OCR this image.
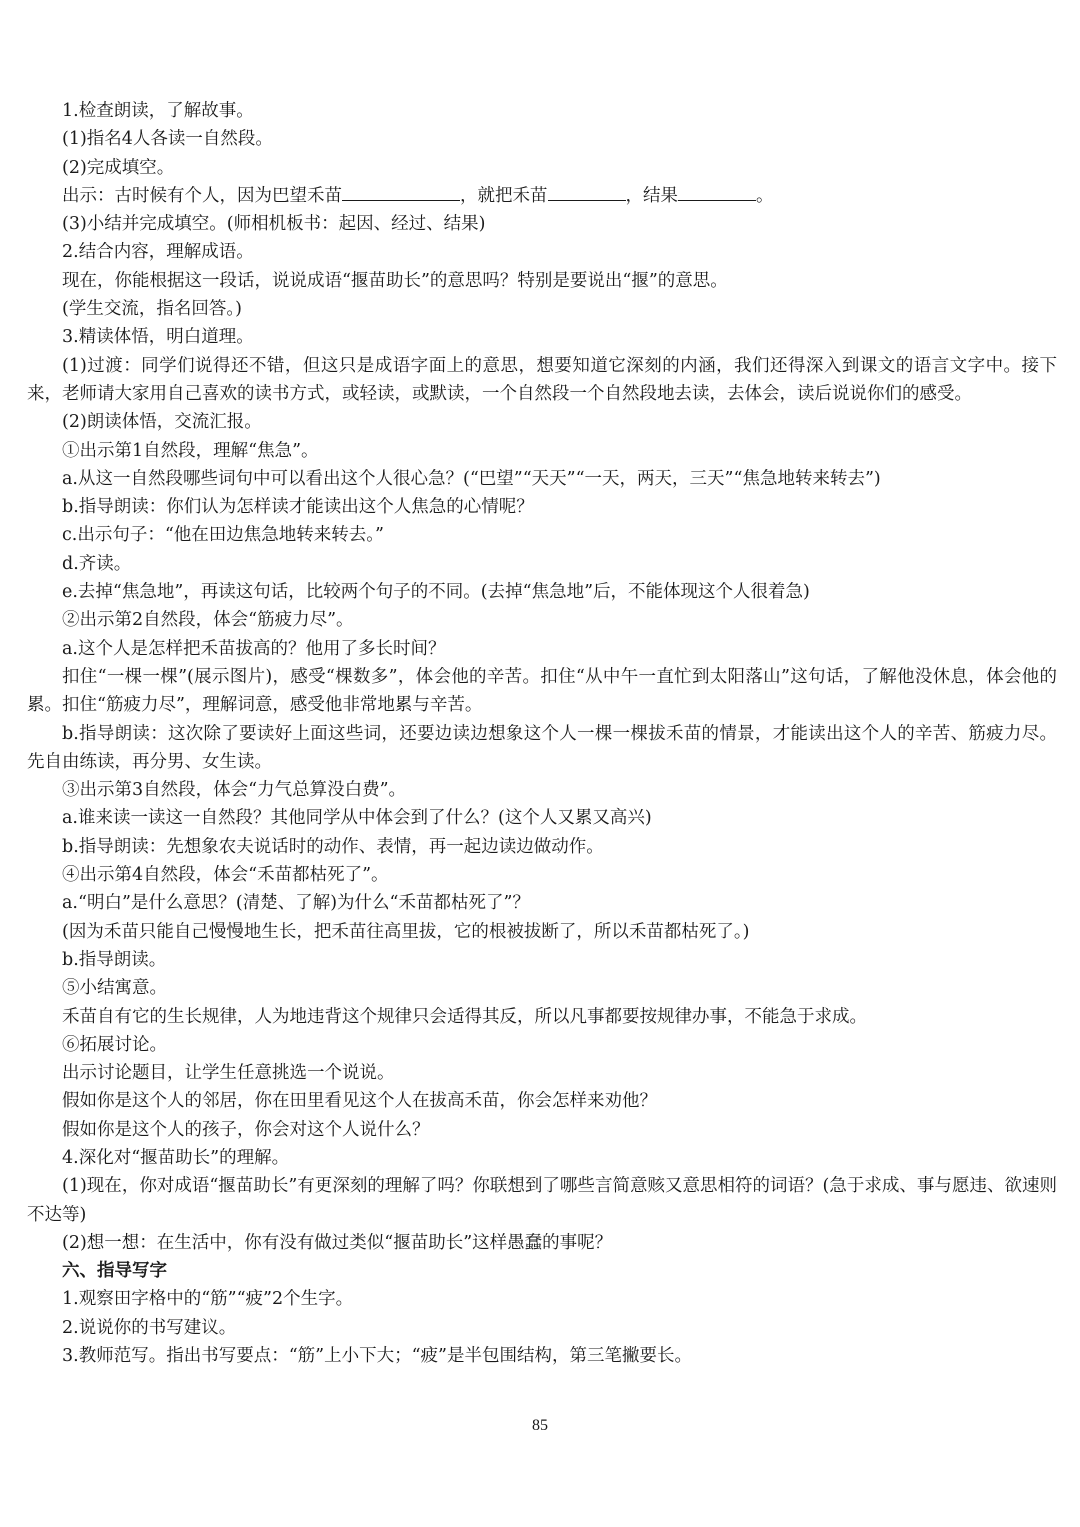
1.检查朗读，了解故事。

(1)指名4人各读一自然段。

(2)完成填空。

出示：古时候有个人，因为巴望禾苗	，就把禾苗	，结果	。

(3)小结并完成填空。(师相机板书：起因、经过、结果)

2.结合内容，理解成语。

现在，你能根据这一段话，说说成语“揠苗助长”的意思吗？特别是要说出“揠”的意思。

(学生交流，指名回答。)

3.精读体悟，明白道理。

(1)过渡：同学们说得还不错，但这只是成语字面上的意思，想要知道它深刻的内涵，我们还得深入到课文的语言文字中。接下来，老师请大家用自己喜欢的读书方式，或轻读，或默读，一个自然段一个自然段地去读，去体会，读后说说你们的感受。

(2)朗读体悟，交流汇报。

①出示第1自然段，理解“焦急”。

a.从这一自然段哪些词句中可以看出这个人很心急？(“巴望”“天天”“一天，两天，三天”“焦急地转来转去”)

b.指导朗读：你们认为怎样读才能读出这个人焦急的心情呢？

c.出示句子：“他在田边焦急地转来转去。”

d.齐读。

e.去掉“焦急地”，再读这句话，比较两个句子的不同。(去掉“焦急地”后，不能体现这个人很着急)

②出示第2自然段，体会“筋疲力尽”。

a.这个人是怎样把禾苗拔高的？他用了多长时间？

扣住“一棵一棵”(展示图片)，感受“棵数多”，体会他的辛苦。扣住“从中午一直忙到太阳落山”这句话，了解他没休息，体会他的累。扣住“筋疲力尽”，理解词意，感受他非常地累与辛苦。

b.指导朗读：这次除了要读好上面这些词，还要边读边想象这个人一棵一棵拔禾苗的情景，才能读出这个人的辛苦、筋疲力尽。先自由练读，再分男、女生读。

③出示第3自然段，体会“力气总算没白费”。

a.谁来读一读这一自然段？其他同学从中体会到了什么？(这个人又累又高兴)

b.指导朗读：先想象农夫说话时的动作、表情，再一起边读边做动作。

④出示第4自然段，体会“禾苗都枯死了”。

a.“明白”是什么意思？(清楚、了解)为什么“禾苗都枯死了”？

(因为禾苗只能自己慢慢地生长，把禾苗往高里拔，它的根被拔断了，所以禾苗都枯死了。)

b.指导朗读。

⑤小结寓意。

禾苗自有它的生长规律，人为地违背这个规律只会适得其反，所以凡事都要按规律办事，不能急于求成。

⑥拓展讨论。

出示讨论题目，让学生任意挑选一个说说。

假如你是这个人的邻居，你在田里看见这个人在拔高禾苗，你会怎样来劝他？

假如你是这个人的孩子，你会对这个人说什么？

4.深化对“揠苗助长”的理解。

(1)现在，你对成语“揠苗助长”有更深刻的理解了吗？你联想到了哪些言简意赅又意思相符的词语？(急于求成、事与愿违、欲速则不达等)

(2)想一想：在生活中，你有没有做过类似“揠苗助长”这样愚蠢的事呢？

六、指导写字

1.观察田字格中的“筋”“疲”2个生字。

2.说说你的书写建议。

3.教师范写。指出书写要点：“筋”上小下大；“疲”是半包围结构，第三笔撇要长。

85
